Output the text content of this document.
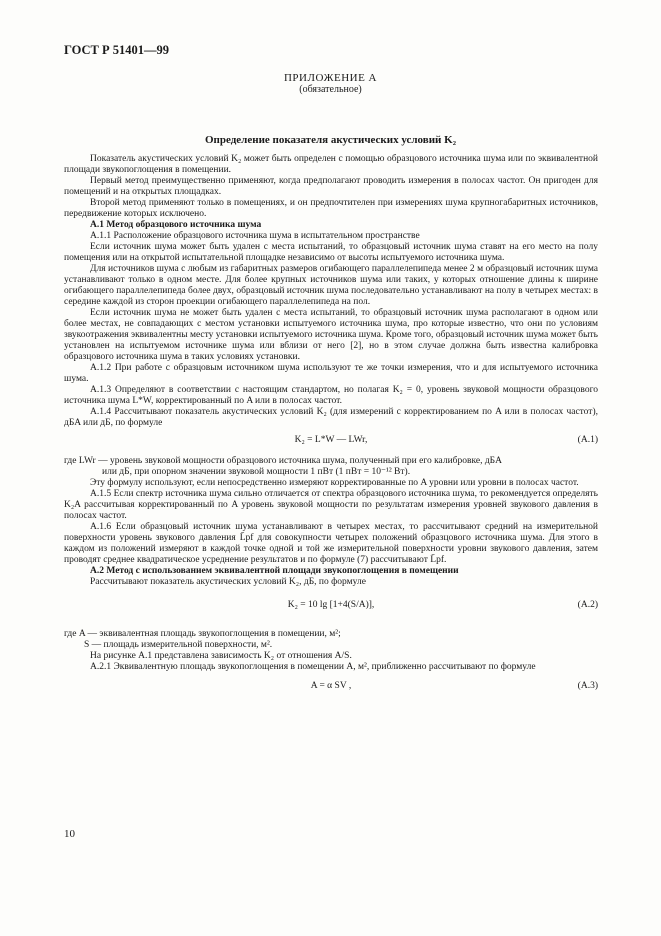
ГОСТ Р 51401—99
ПРИЛОЖЕНИЕ А
(обязательное)
Определение показателя акустических условий K₂

Показатель акустических условий K₂ может быть определен с помощью образцового источника шума или по эквивалентной площади звукопоглощения в помещении.

Первый метод преимущественно применяют, когда предполагают проводить измерения в полосах частот. Он пригоден для помещений и на открытых площадках.

Второй метод применяют только в помещениях, и он предпочтителен при измерениях шума крупногабаритных источников, передвижение которых исключено.

A.1 Метод образцового источника шума

A.1.1 Расположение образцового источника шума в испытательном пространстве

Если источник шума может быть удален с места испытаний, то образцовый источник шума ставят на его место на полу помещения или на открытой испытательной площадке независимо от высоты испытуемого источника шума.

Для источников шума с любым из габаритных размеров огибающего параллелепипеда менее 2 м образцовый источник шума устанавливают только в одном месте. Для более крупных источников шума или таких, у которых отношение длины к ширине огибающего параллелепипеда более двух, образцовый источник шума последовательно устанавливают на полу в четырех местах: в середине каждой из сторон проекции огибающего параллелепипеда на пол.

Если источник шума не может быть удален с места испытаний, то образцовый источник шума располагают в одном или более местах, не совпадающих с местом установки испытуемого источника шума, про которые известно, что они по условиям звукоотражения эквивалентны месту установки испытуемого источника шума. Кроме того, образцовый источник шума может быть установлен на испытуемом источнике шума или вблизи от него [2], но в этом случае должна быть известна калибровка образцового источника шума в таких условиях установки.

A.1.2 При работе с образцовым источником шума используют те же точки измерения, что и для испытуемого источника шума.

A.1.3 Определяют в соответствии с настоящим стандартом, но полагая K₂ = 0, уровень звуковой мощности образцового источника шума L*W, корректированный по A или в полосах частот.

A.1.4 Рассчитывают показатель акустических условий K₂ (для измерений с корректированием по A или в полосах частот), дБA или дБ, по формуле

K₂ = L*W — LWr,	(A.1)

где LWr — уровень звуковой мощности образцового источника шума, полученный при его калибровке, дБA

или дБ, при опорном значении звуковой мощности 1 пВт (1 пВт = 10⁻¹² Вт).

Эту формулу используют, если непосредственно измеряют корректированные по A уровни или уровни в полосах частот.

A.1.5 Если спектр источника шума сильно отличается от спектра образцового источника шума, то рекомендуется определять K₂A рассчитывая корректированный по A уровень звуковой мощности по результатам измерения уровней звукового давления в полосах частот.

A.1.6 Если образцовый источник шума устанавливают в четырех местах, то рассчитывают средний на измерительной поверхности уровень звукового давления L̄pf для совокупности четырех положений образцового источника шума. Для этого в каждом из положений измеряют в каждой точке одной и той же измерительной поверхности уровни звукового давления, затем проводят среднее квадратическое усреднение результатов и по формуле (7) рассчитывают L̄pf.

A.2 Метод с использованием эквивалентной площади звукопоглощения в помещении

Рассчитывают показатель акустических условий K₂, дБ, по формуле

K₂ = 10 lg [1+4(S/A)],	(A.2)

где A — эквивалентная площадь звукопоглощения в помещении, м²;

S — площадь измерительной поверхности, м².

На рисунке A.1 представлена зависимость K₂ от отношения A/S.

A.2.1 Эквивалентную площадь звукопоглощения в помещении A, м², приближенно рассчитывают по формуле

A = α SV ,	(A.3)
10
